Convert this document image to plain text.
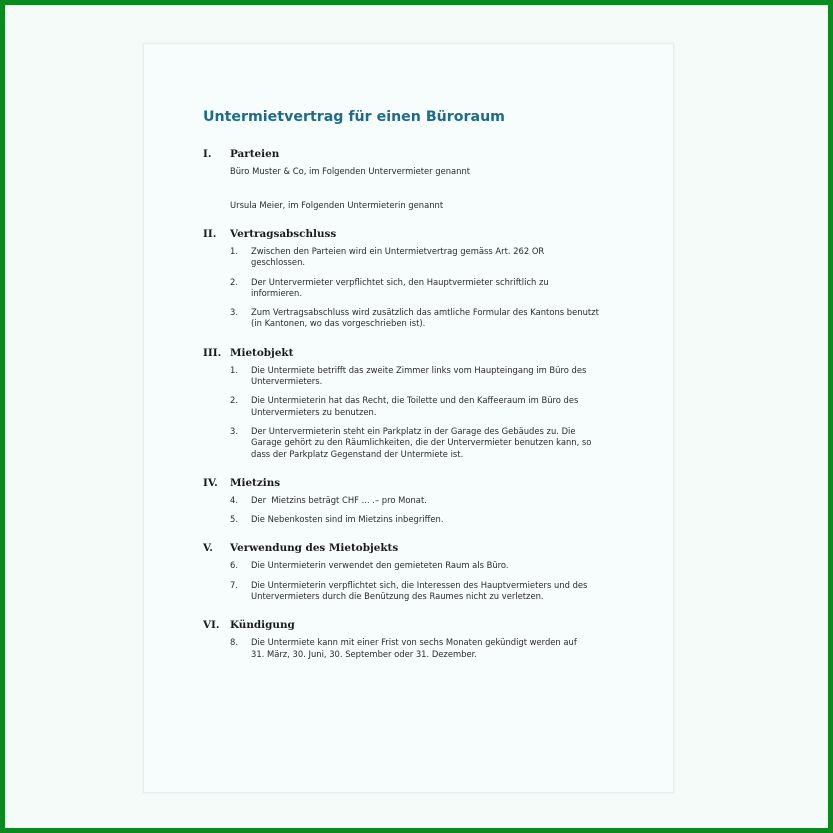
Untermietvertrag für einen Büroraum
I. Parteien
Büro Muster & Co, im Folgenden Untervermieter genannt
Ursula Meier, im Folgenden Untermieterin genannt
II. Vertragsabschluss
1. Zwischen den Parteien wird ein Untermietvertrag gemäss Art. 262 OR
geschlossen.
2. Der Untervermieter verpflichtet sich, den Hauptvermieter schriftlich zu
informieren.
3. Zum Vertragsabschluss wird zusätzlich das amtliche Formular des Kantons benutzt
(in Kantonen, wo das vorgeschrieben ist).
III. Mietobjekt
1. Die Untermiete betrifft das zweite Zimmer links vom Haupteingang im Büro des
Untervermieters.
2. Die Untermieterin hat das Recht, die Toilette und den Kaffeeraum im Büro des
Untervermieters zu benutzen.
3. Der Untervermieterin steht ein Parkplatz in der Garage des Gebäudes zu. Die
Garage gehört zu den Räumlichkeiten, die der Untervermieter benutzen kann, so
dass der Parkplatz Gegenstand der Untermiete ist.
IV. Mietzins
4. Der  Mietzins beträgt CHF ... .– pro Monat.
5. Die Nebenkosten sind im Mietzins inbegriffen.
V. Verwendung des Mietobjekts
6. Die Untermieterin verwendet den gemieteten Raum als Büro.
7. Die Untermieterin verpflichtet sich, die Interessen des Hauptvermieters und des
Untervermieters durch die Benützung des Raumes nicht zu verletzen.
VI. Kündigung
8. Die Untermiete kann mit einer Frist von sechs Monaten gekündigt werden auf
31. März, 30. Juni, 30. September oder 31. Dezember.
